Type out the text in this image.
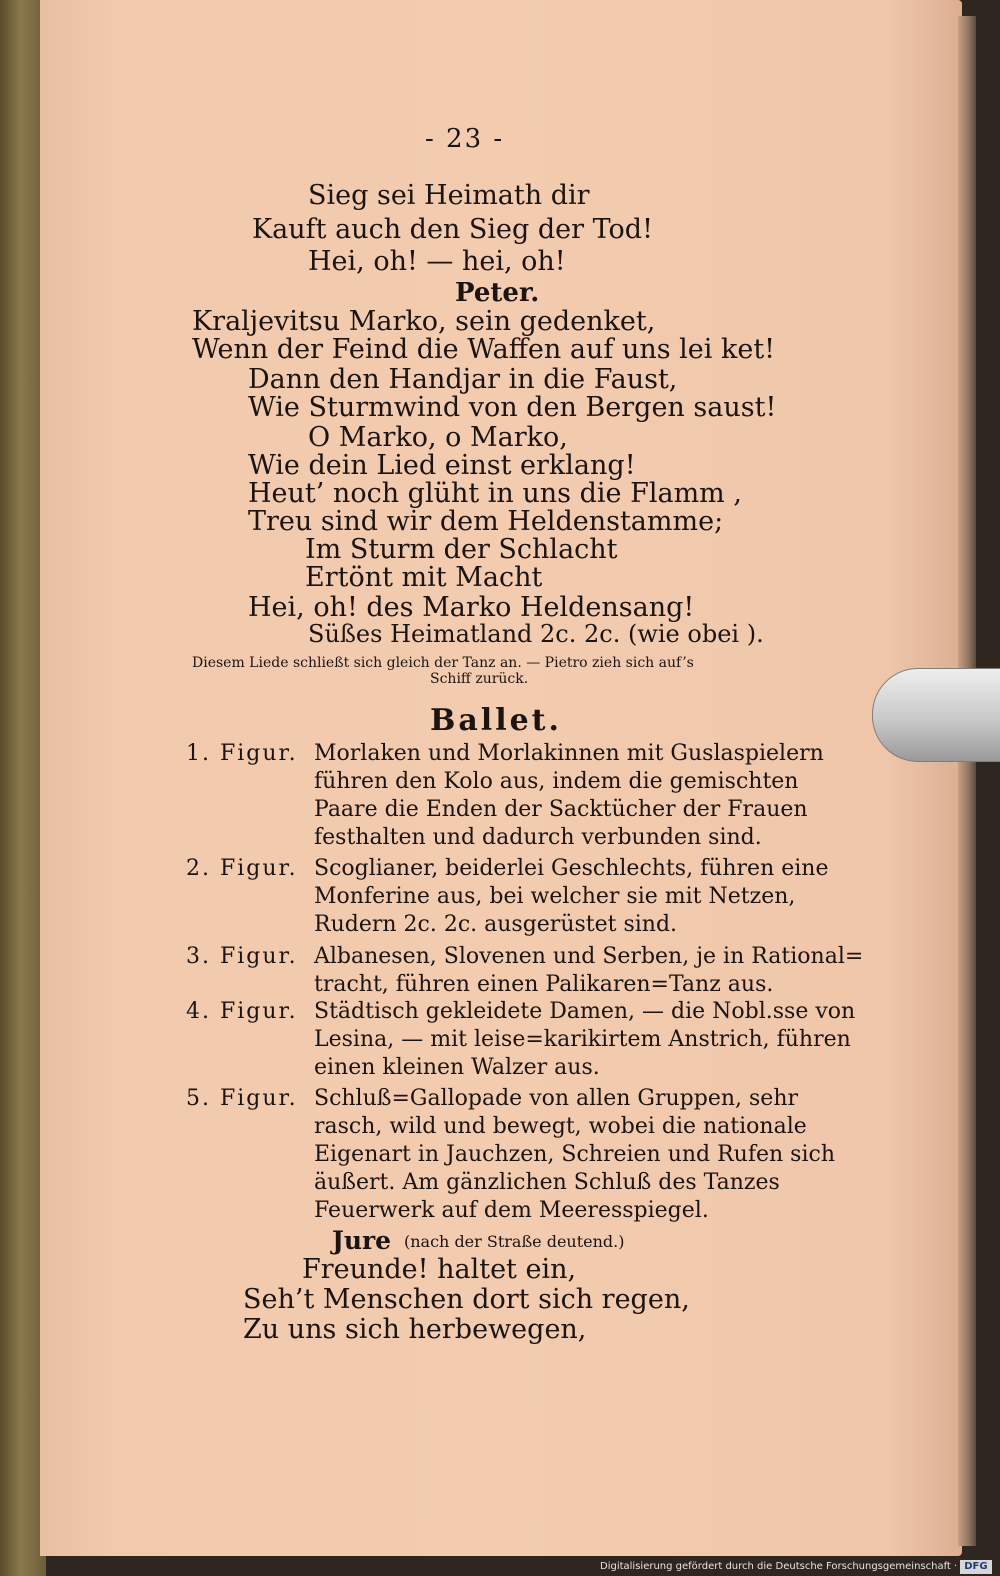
- 23 -
Sieg sei Heimath dir
Kauft auch den Sieg der Tod!
Hei, oh! — hei, oh!
Peter.
Kraljevitsu Marko, sein gedenket,
Wenn der Feind die Waffen auf uns lei ket!
Dann den Handjar in die Faust,
Wie Sturmwind von den Bergen saust!
O Marko, o Marko,
Wie dein Lied einst erklang!
Heut’ noch glüht in uns die Flamm ,
Treu sind wir dem Heldenstamme;
Im Sturm der Schlacht
Ertönt mit Macht
Hei, oh! des Marko Heldensang!
Süßes Heimatland 2c. 2c. (wie obei ).
Diesem Liede schließt sich gleich der Tanz an. — Pietro zieh sich auf’s
Schiff zurück.
Ballet.
1. Figur. Morlaken und Morlakinnen mit Guslaspielern
führen den Kolo aus, indem die gemischten
Paare die Enden der Sacktücher der Frauen
festhalten und dadurch verbunden sind.
2. Figur. Scoglianer, beiderlei Geschlechts, führen eine
Monferine aus, bei welcher sie mit Netzen,
Rudern 2c. 2c. ausgerüstet sind.
3. Figur. Albanesen, Slovenen und Serben, je in Rational=
tracht, führen einen Palikaren=Tanz aus.
4. Figur. Städtisch gekleidete Damen, — die Nobl.sse von
Lesina, — mit leise=karikirtem Anstrich, führen
einen kleinen Walzer aus.
5. Figur. Schluß=Gallopade von allen Gruppen, sehr
rasch, wild und bewegt, wobei die nationale
Eigenart in Jauchzen, Schreien und Rufen sich
äußert. Am gänzlichen Schluß des Tanzes
Feuerwerk auf dem Meeresspiegel.
Jure (nach der Straße deutend.)
Freunde! haltet ein,
Seh’t Menschen dort sich regen,
Zu uns sich herbewegen,
Digitalisierung gefördert durch die Deutsche Forschungsgemeinschaft · DFG
